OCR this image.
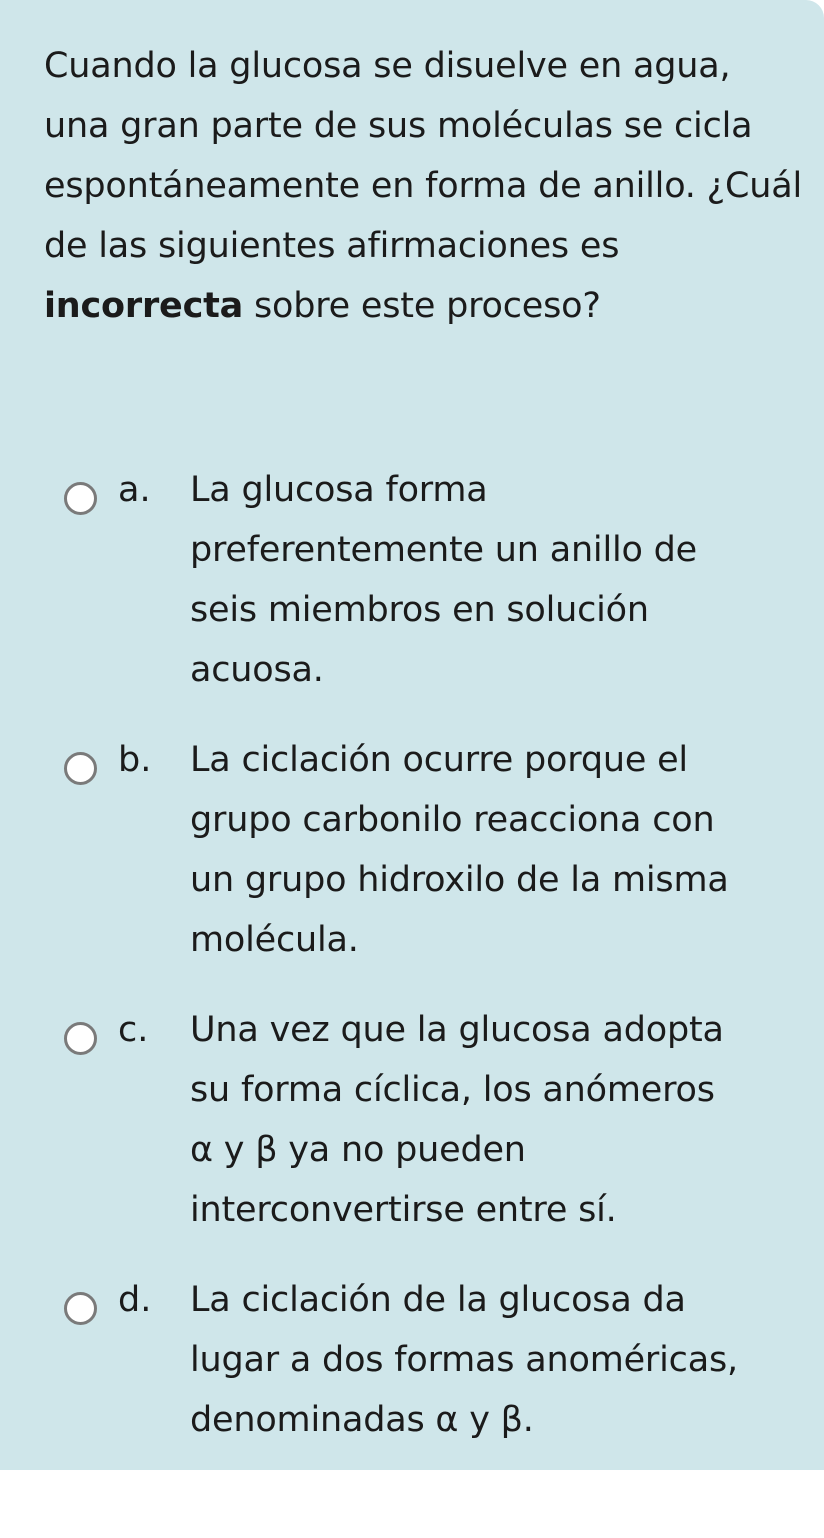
Cuando la glucosa se disuelve en agua, una gran parte de sus moléculas se cicla espontáneamente en forma de anillo. ¿Cuál de las siguientes afirmaciones es incorrecta sobre este proceso?
a. La glucosa forma
preferentemente un anillo de
seis miembros en solución
acuosa.
b. La ciclación ocurre porque el
grupo carbonilo reacciona con
un grupo hidroxilo de la misma
molécula.
c. Una vez que la glucosa adopta
su forma cíclica, los anómeros
α y β ya no pueden
interconvertirse entre sí.
d. La ciclación de la glucosa da
lugar a dos formas anoméricas,
denominadas α y β.
